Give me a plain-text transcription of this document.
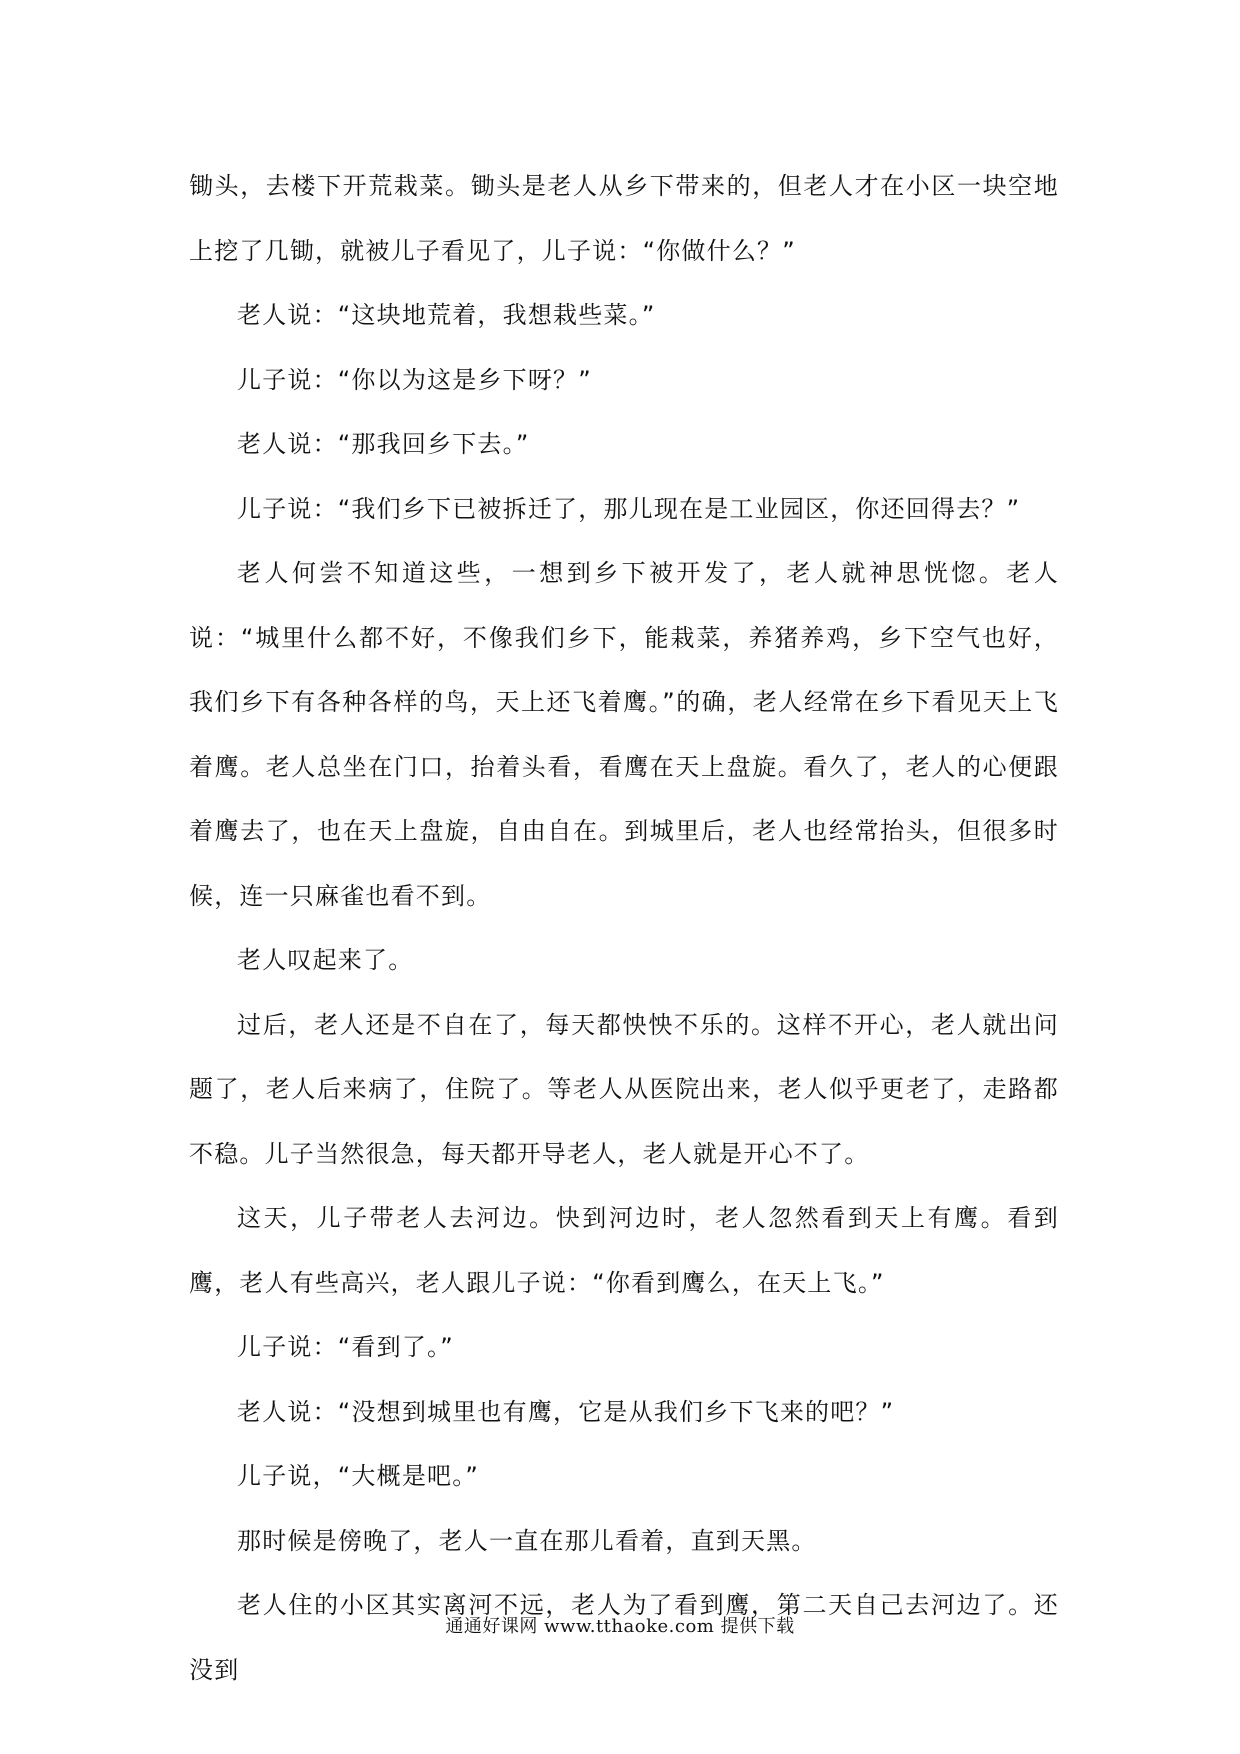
锄头，去楼下开荒栽菜。锄头是老人从乡下带来的，但老人才在小区一块空地上挖了几锄，就被儿子看见了，儿子说：“你做什么？”

老人说：“这块地荒着，我想栽些菜。”

儿子说：“你以为这是乡下呀？”

老人说：“那我回乡下去。”

儿子说：“我们乡下已被拆迁了，那儿现在是工业园区，你还回得去？”

老人何尝不知道这些，一想到乡下被开发了，老人就神思恍惚。老人说：“城里什么都不好，不像我们乡下，能栽菜，养猪养鸡，乡下空气也好，我们乡下有各种各样的鸟，天上还飞着鹰。”的确，老人经常在乡下看见天上飞着鹰。老人总坐在门口，抬着头看，看鹰在天上盘旋。看久了，老人的心便跟着鹰去了，也在天上盘旋，自由自在。到城里后，老人也经常抬头，但很多时候，连一只麻雀也看不到。

老人叹起来了。

过后，老人还是不自在了，每天都怏怏不乐的。这样不开心，老人就出问题了，老人后来病了，住院了。等老人从医院出来，老人似乎更老了，走路都不稳。儿子当然很急，每天都开导老人，老人就是开心不了。

这天，儿子带老人去河边。快到河边时，老人忽然看到天上有鹰。看到鹰，老人有些高兴，老人跟儿子说：“你看到鹰么，在天上飞。”

儿子说：“看到了。”

老人说：“没想到城里也有鹰，它是从我们乡下飞来的吧？”

儿子说，“大概是吧。”

那时候是傍晚了，老人一直在那儿看着，直到天黑。

老人住的小区其实离河不远，老人为了看到鹰，第二天自己去河边了。还没到

通通好课网 www.tthaoke.com 提供下载
